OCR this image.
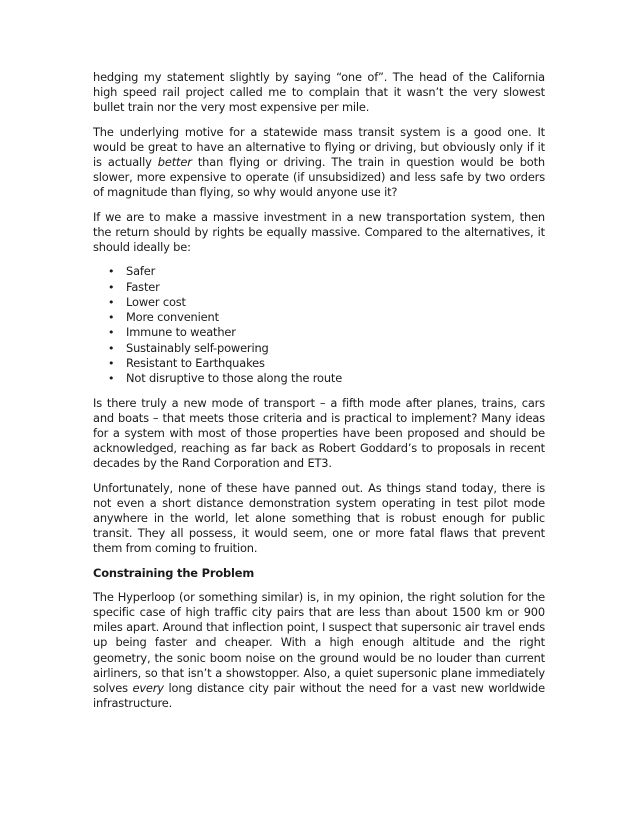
hedging my statement slightly by saying “one of”. The head of the California high speed rail project called me to complain that it wasn’t the very slowest bullet train nor the very most expensive per mile.

The underlying motive for a statewide mass transit system is a good one. It would be great to have an alternative to flying or driving, but obviously only if it is actually better than flying or driving. The train in question would be both slower, more expensive to operate (if unsubsidized) and less safe by two orders of magnitude than flying, so why would anyone use it?

If we are to make a massive investment in a new transportation system, then the return should by rights be equally massive. Compared to the alternatives, it should ideally be:

• Safer
• Faster
• Lower cost
• More convenient
• Immune to weather
• Sustainably self-powering
• Resistant to Earthquakes
• Not disruptive to those along the route

Is there truly a new mode of transport – a fifth mode after planes, trains, cars and boats – that meets those criteria and is practical to implement? Many ideas for a system with most of those properties have been proposed and should be acknowledged, reaching as far back as Robert Goddard’s to proposals in recent decades by the Rand Corporation and ET3.

Unfortunately, none of these have panned out. As things stand today, there is not even a short distance demonstration system operating in test pilot mode anywhere in the world, let alone something that is robust enough for public transit. They all possess, it would seem, one or more fatal flaws that prevent them from coming to fruition.

Constraining the Problem

The Hyperloop (or something similar) is, in my opinion, the right solution for the specific case of high traffic city pairs that are less than about 1500 km or 900 miles apart. Around that inflection point, I suspect that supersonic air travel ends up being faster and cheaper. With a high enough altitude and the right geometry, the sonic boom noise on the ground would be no louder than current airliners, so that isn’t a showstopper. Also, a quiet supersonic plane immediately solves every long distance city pair without the need for a vast new worldwide infrastructure.
